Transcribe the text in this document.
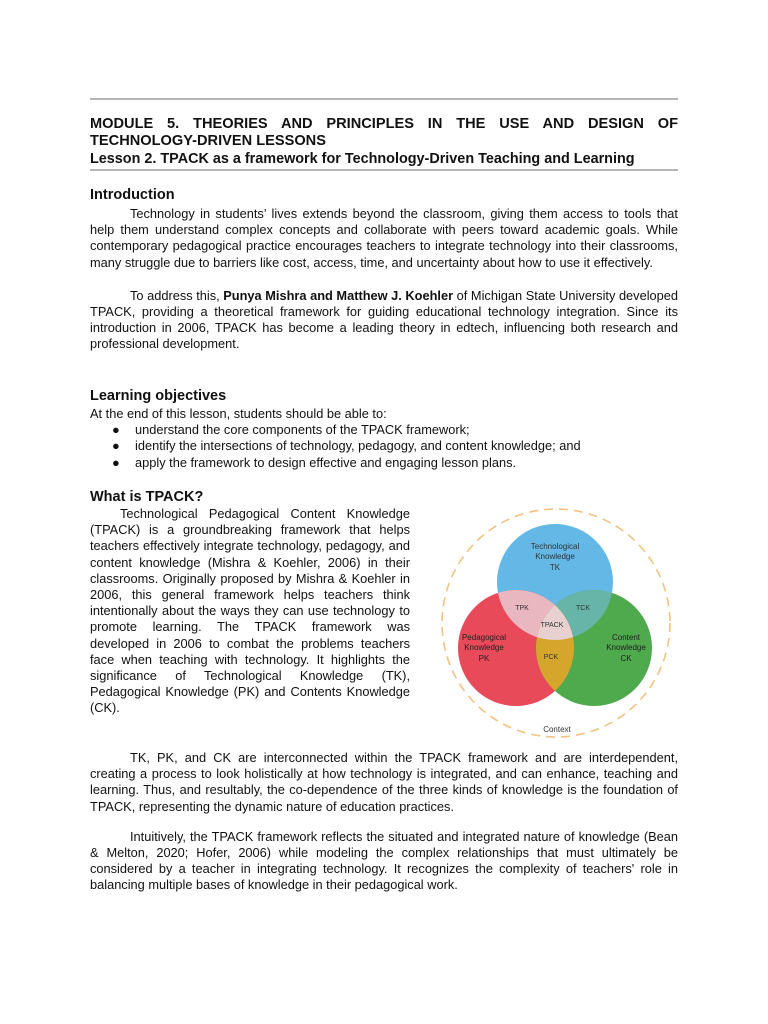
MODULE 5. THEORIES AND PRINCIPLES IN THE USE AND DESIGN OF TECHNOLOGY-DRIVEN LESSONS
Lesson 2. TPACK as a framework for Technology-Driven Teaching and Learning
Introduction

Technology in students’ lives extends beyond the classroom, giving them access to tools that help them understand complex concepts and collaborate with peers toward academic goals. While contemporary pedagogical practice encourages teachers to integrate technology into their classrooms, many struggle due to barriers like cost, access, time, and uncertainty about how to use it effectively.

To address this, Punya Mishra and Matthew J. Koehler of Michigan State University developed TPACK, providing a theoretical framework for guiding educational technology integration. Since its introduction in 2006, TPACK has become a leading theory in edtech, influencing both research and professional development.

Learning objectives

At the end of this lesson, students should be able to:

● understand the core components of the TPACK framework;
● identify the intersections of technology, pedagogy, and content knowledge; and
● apply the framework to design effective and engaging lesson plans.
What is TPACK?

Technological Pedagogical Content Knowledge (TPACK) is a groundbreaking framework that helps teachers effectively integrate technology, pedagogy, and content knowledge (Mishra & Koehler, 2006) in their classrooms. Originally proposed by Mishra & Koehler in 2006, this general framework helps teachers think intentionally about the ways they can use technology to promote learning. The TPACK framework was developed in 2006 to combat the problems teachers face when teaching with technology. It highlights the significance of Technological Knowledge (TK), Pedagogical Knowledge (PK) and Contents Knowledge (CK).

Technological
Knowledge
TK
Pedagogical
Knowledge
PK
Content
Knowledge
CK
TPK	TCK
TPACK
PCK
Context

TK, PK, and CK are interconnected within the TPACK framework and are interdependent, creating a process to look holistically at how technology is integrated, and can enhance, teaching and learning. Thus, and resultably, the co-dependence of the three kinds of knowledge is the foundation of TPACK, representing the dynamic nature of education practices.

Intuitively, the TPACK framework reflects the situated and integrated nature of knowledge (Bean & Melton, 2020; Hofer, 2006) while modeling the complex relationships that must ultimately be considered by a teacher in integrating technology. It recognizes the complexity of teachers' role in balancing multiple bases of knowledge in their pedagogical work.
